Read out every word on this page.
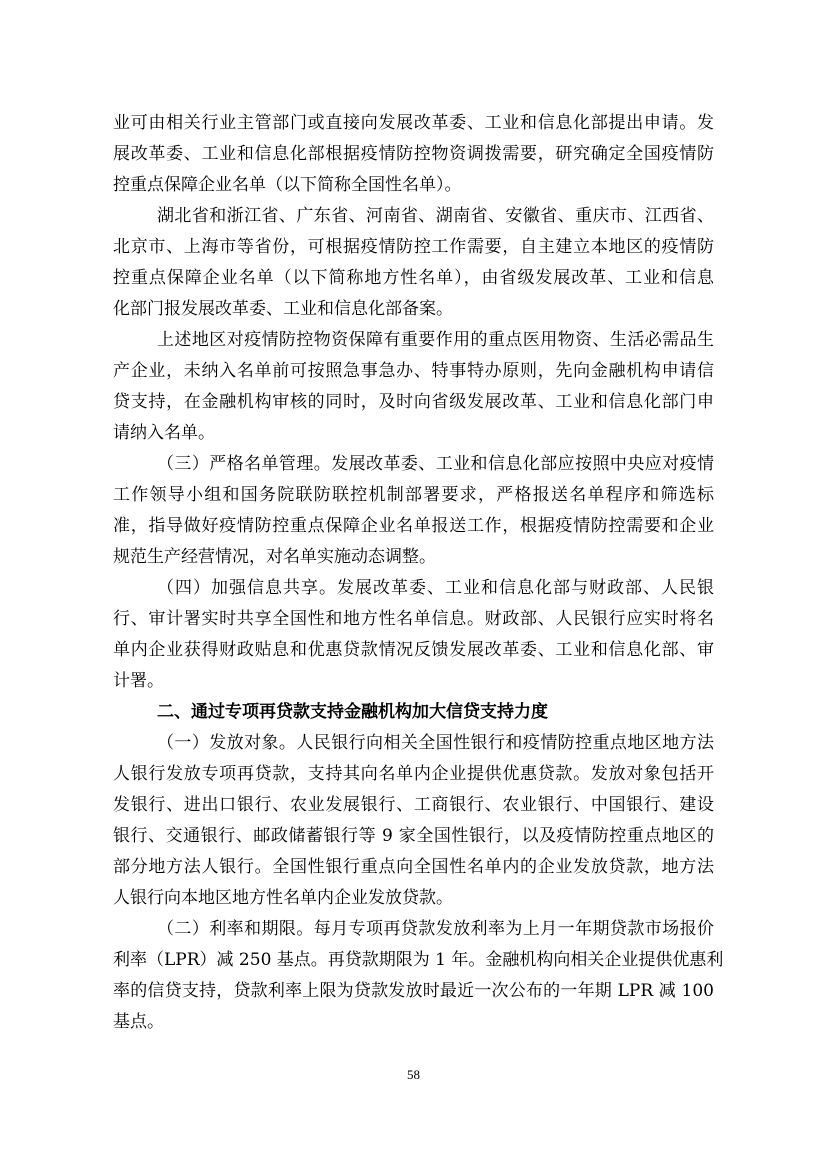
业可由相关行业主管部门或直接向发展改革委、工业和信息化部提出申请。发
展改革委、工业和信息化部根据疫情防控物资调拨需要，研究确定全国疫情防
控重点保障企业名单（以下简称全国性名单）。
湖北省和浙江省、广东省、河南省、湖南省、安徽省、重庆市、江西省、
北京市、上海市等省份，可根据疫情防控工作需要，自主建立本地区的疫情防
控重点保障企业名单（以下简称地方性名单），由省级发展改革、工业和信息
化部门报发展改革委、工业和信息化部备案。
上述地区对疫情防控物资保障有重要作用的重点医用物资、生活必需品生
产企业，未纳入名单前可按照急事急办、特事特办原则，先向金融机构申请信
贷支持，在金融机构审核的同时，及时向省级发展改革、工业和信息化部门申
请纳入名单。
（三）严格名单管理。发展改革委、工业和信息化部应按照中央应对疫情
工作领导小组和国务院联防联控机制部署要求，严格报送名单程序和筛选标
准，指导做好疫情防控重点保障企业名单报送工作，根据疫情防控需要和企业
规范生产经营情况，对名单实施动态调整。
（四）加强信息共享。发展改革委、工业和信息化部与财政部、人民银
行、审计署实时共享全国性和地方性名单信息。财政部、人民银行应实时将名
单内企业获得财政贴息和优惠贷款情况反馈发展改革委、工业和信息化部、审
计署。
二、通过专项再贷款支持金融机构加大信贷支持力度
（一）发放对象。人民银行向相关全国性银行和疫情防控重点地区地方法
人银行发放专项再贷款，支持其向名单内企业提供优惠贷款。发放对象包括开
发银行、进出口银行、农业发展银行、工商银行、农业银行、中国银行、建设
银行、交通银行、邮政储蓄银行等 9 家全国性银行，以及疫情防控重点地区的
部分地方法人银行。全国性银行重点向全国性名单内的企业发放贷款，地方法
人银行向本地区地方性名单内企业发放贷款。
（二）利率和期限。每月专项再贷款发放利率为上月一年期贷款市场报价
利率（LPR）减 250 基点。再贷款期限为 1 年。金融机构向相关企业提供优惠利
率的信贷支持，贷款利率上限为贷款发放时最近一次公布的一年期 LPR 减 100
基点。
58
